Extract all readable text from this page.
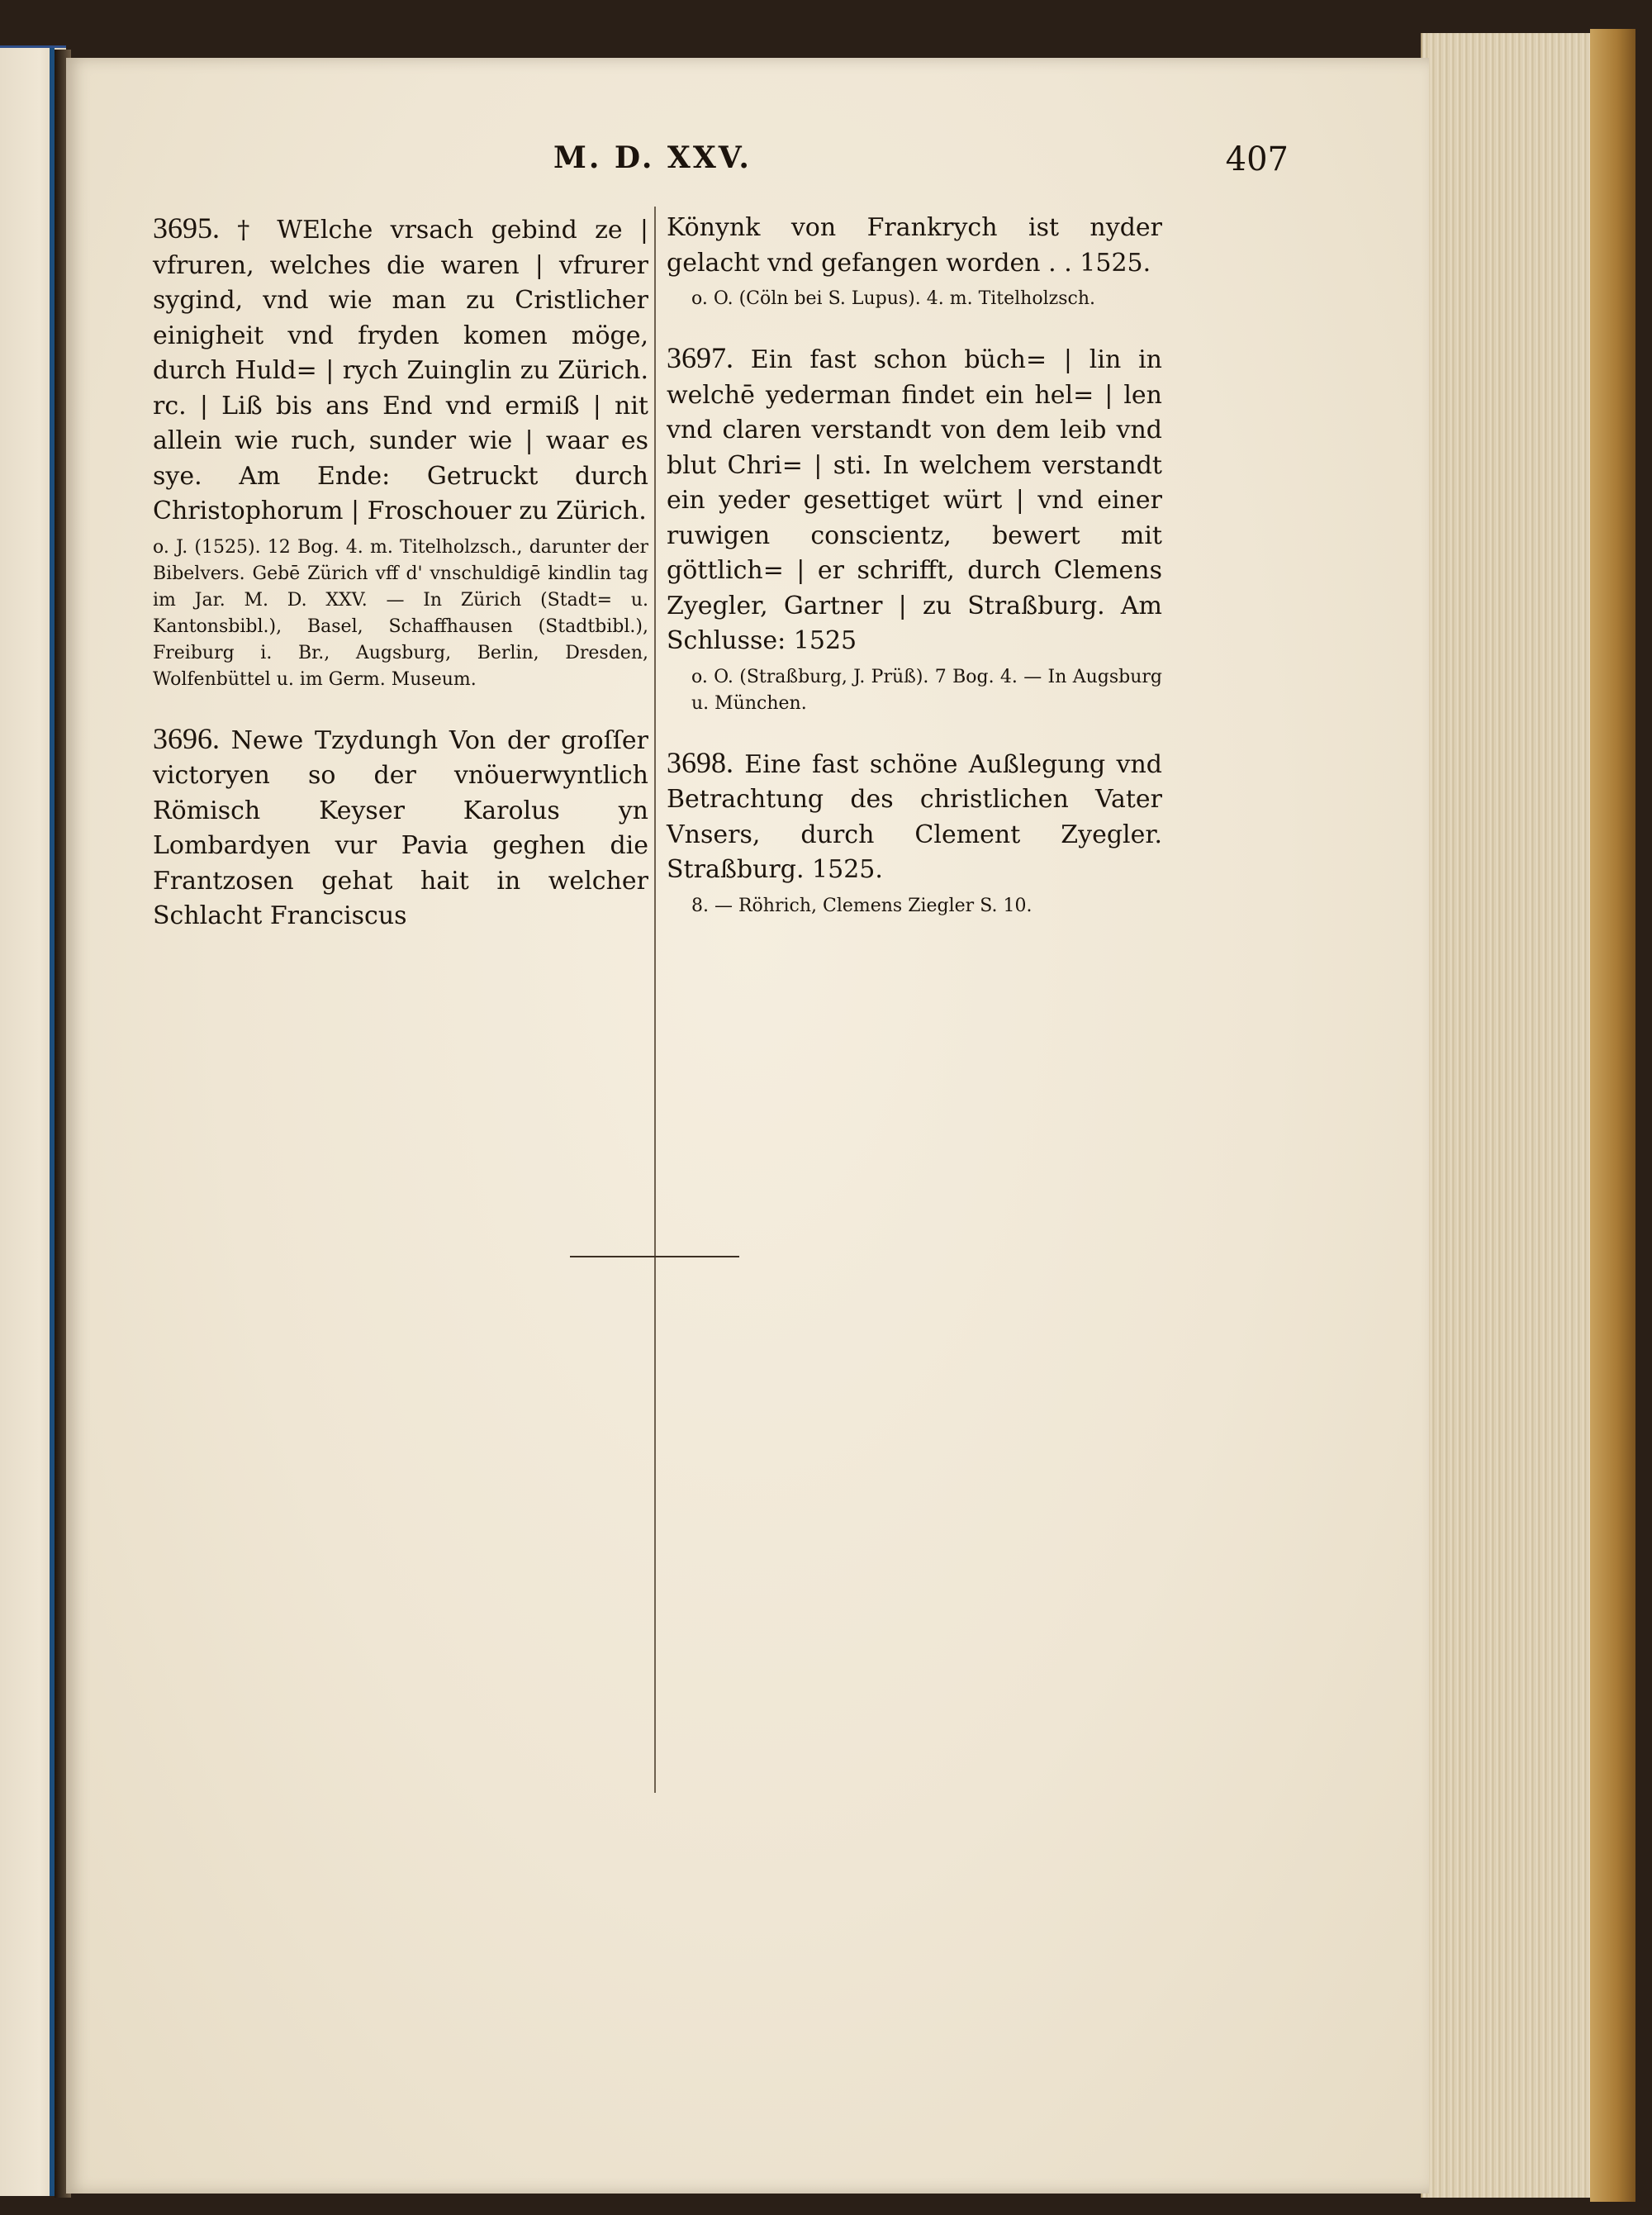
M. D. XXV.	407

3695. † WElche vrsach gebind ze | vfruren, welches die waren | vfrurer sygind, vnd wie man zu Cristlicher einigheit vnd fryden komen möge, durch Huld= | rych Zuinglin zu Zürich. rc. | Liß bis ans End vnd ermiß | nit allein wie ruch, sunder wie | waar es sye. Am Ende: Getruckt durch Christophorum | Froschouer zu Zürich.

o. J. (1525). 12 Bog. 4. m. Titelholzsch., darunter der Bibelvers. Gebē Zürich vff d' vnschuldigē kindlin tag im Jar. M. D. XXV. — In Zürich (Stadt= u. Kantonsbibl.), Basel, Schaffhausen (Stadtbibl.), Freiburg i. Br., Augsburg, Berlin, Dresden, Wolfenbüttel u. im Germ. Museum.

3696. Newe Tzydungh Von der groſſer victoryen so der vnöuerwyntlich Römisch Keyser Karolus yn Lombardyen vur Pavia geghen die Frantzosen gehat hait in welcher Schlacht Franciscus

Könynk von Frankrych ist nyder gelacht vnd gefangen worden . . 1525.

o. O. (Cöln bei S. Lupus). 4. m. Titelholzsch.

3697. Ein fast schon büch= | lin in welchē yederman findet ein hel= | len vnd claren verstandt von dem leib vnd blut Chri= | sti. In welchem verstandt ein yeder gesettiget würt | vnd einer ruwigen conscientz, bewert mit göttlich= | er schrifft, durch Clemens Zyegler, Gartner | zu Straßburg. Am Schlusse: 1525

o. O. (Straßburg, J. Prüß). 7 Bog. 4. — In Augsburg u. München.

3698. Eine fast schöne Außlegung vnd Betrachtung des christlichen Vater Vnsers, durch Clement Zyegler. Straßburg. 1525.

8. — Röhrich, Clemens Ziegler S. 10.
